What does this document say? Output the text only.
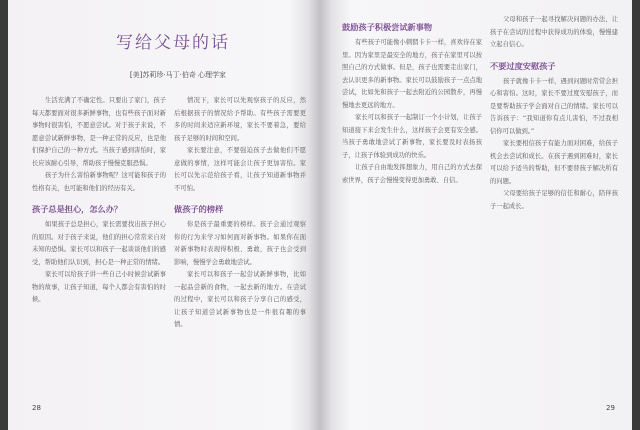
写给父母的话
[美]苏莉珍·马丁·伯奇 心理学家

生活充满了不确定性。只要出了家门，孩子每天都要面对很多新鲜事物，也有些孩子面对新事物时很害怕，不愿意尝试。对于孩子来说，不愿意尝试新鲜事物，是一种正常的反应，也是他们保护自己的一种方式。当孩子感到害怕时，家长应该耐心引导，帮助孩子慢慢克服恐惧。

孩子为什么害怕新事物呢？这可能和孩子的性格有关，也可能和他们的经历有关。

孩子总是担心，怎么办？

如果孩子总是担心，家长需要找出孩子担心的原因。对于孩子来说，他们的担心常常来自对未知的恐惧。家长可以和孩子一起谈谈他们的感受，帮助他们认识到，担心是一种正常的情绪。

家长可以给孩子讲一些自己小时候尝试新事物的故事，让孩子知道，每个人都会有害怕的时候。

情况下，家长可以先观察孩子的反应，然后根据孩子的情况给予帮助。有些孩子需要更多的时间来适应新环境，家长不要着急，要给孩子足够的时间和空间。

家长要注意，不要强迫孩子去做他们不愿意做的事情，这样可能会让孩子更加害怕。家长可以先示范给孩子看，让孩子知道新事物并不可怕。

做孩子的榜样

你是孩子最重要的榜样。孩子会通过观察你的行为来学习如何面对新事物。如果你在面对新事物时表现得积极、勇敢，孩子也会受到影响，慢慢学会勇敢地尝试。

家长可以和孩子一起尝试新鲜事物，比如一起品尝新的食物，一起去新的地方。在尝试的过程中，家长可以和孩子分享自己的感受，让孩子知道尝试新事物也是一件很有趣的事情。

28
鼓励孩子积极尝试新事物

有些孩子可能像小刺猬卡卡一样，喜欢待在家里。因为家里是最安全的地方，孩子在家里可以按照自己的方式做事。但是，孩子也需要走出家门，去认识更多的新事物。家长可以鼓励孩子一点点地尝试，比如先和孩子一起去附近的公园散步，再慢慢地去更远的地方。

家长可以和孩子一起制订一个小计划，让孩子知道接下来会发生什么，这样孩子会更有安全感。当孩子勇敢地尝试了新事物，家长要及时表扬孩子，让孩子体验到成功的快乐。

让孩子自由地发挥想象力，用自己的方式去探索世界，孩子会慢慢变得更加勇敢、自信。

父母和孩子一起寻找解决问题的办法，让孩子在尝试的过程中获得成功的体验，慢慢建立起自信心。

不要过度安慰孩子

孩子就像卡卡一样，遇到问题时常常会担心和害怕。这时，家长不要过度安慰孩子，而是要帮助孩子学会面对自己的情绪。家长可以告诉孩子：“我知道你有点儿害怕，不过我相信你可以做到。”

家长要相信孩子有能力面对困难，给孩子机会去尝试和成长。在孩子遇到困难时，家长可以给予适当的帮助，但不要替孩子解决所有的问题。

父母要给孩子足够的信任和耐心，陪伴孩子一起成长。

29
